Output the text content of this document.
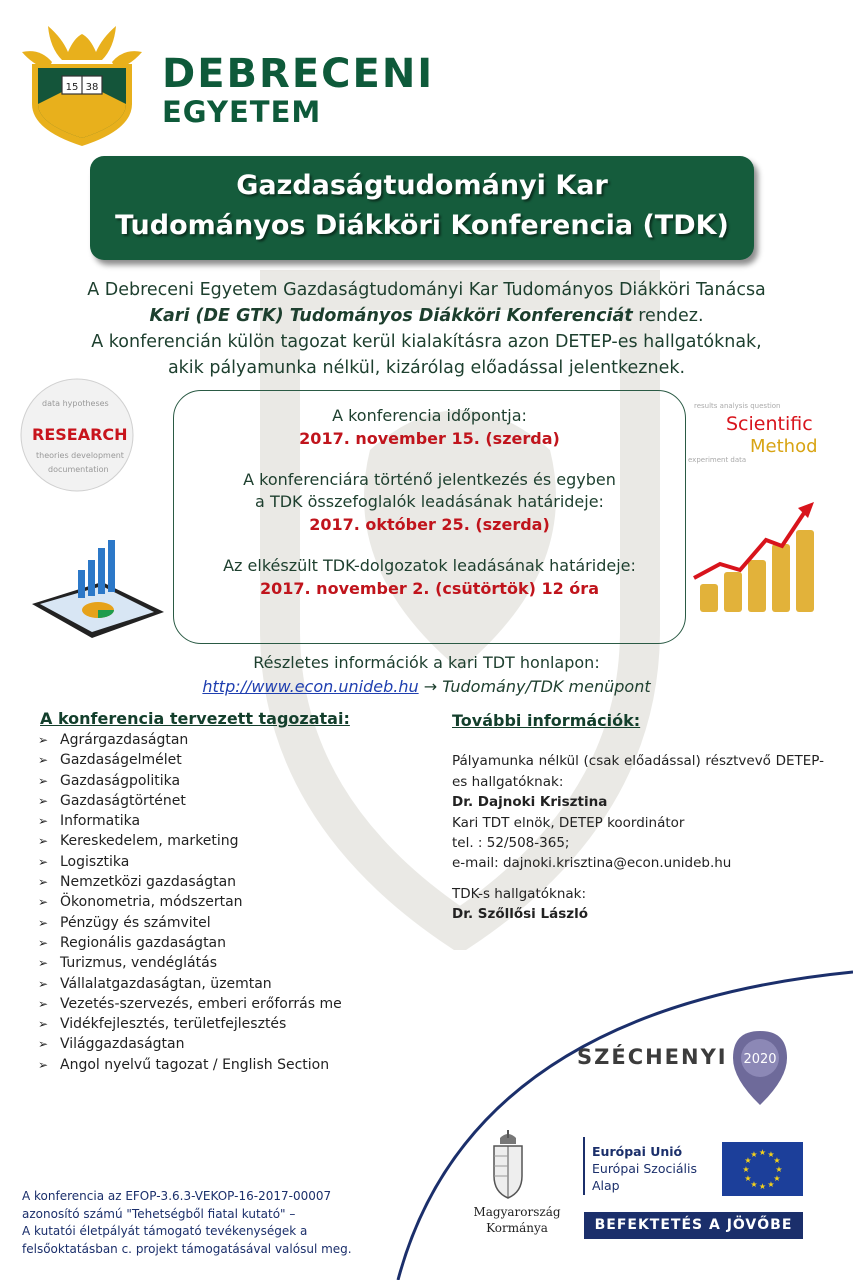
15 38 DEBRECENI
EGYETEM
Gazdaságtudományi Kar
Tudományos Diákköri Konferencia (TDK)
A Debreceni Egyetem Gazdaságtudományi Kar Tudományos Diákköri Tanácsa
Kari (DE GTK) Tudományos Diákköri Konferenciát rendez.
A konferencián külön tagozat kerül kialakításra azon DETEP-es hallgatóknak,
akik pályamunka nélkül, kizárólag előadással jelentkeznek.
data hypotheses
theories development
documentation
RESEARCH
results analysis question
Scientific
Method
experiment data
A konferencia időpontja:
2017. november 15. (szerda)
A konferenciára történő jelentkezés és egyben
a TDK összefoglalók leadásának határideje:
2017. október 25. (szerda)
Az elkészült TDK-dolgozatok leadásának határideje:
2017. november 2. (csütörtök) 12 óra
Részletes információk a kari TDT honlapon:
http://www.econ.unideb.hu → Tudomány/TDK menüpont
A konferencia tervezett tagozatai:
➢ Agrárgazdaságtan
➢ Gazdaságelmélet
➢ Gazdaságpolitika
➢ Gazdaságtörténet
➢ Informatika
➢ Kereskedelem, marketing
➢ Logisztika
➢ Nemzetközi gazdaságtan
➢ Ökonometria, módszertan
➢ Pénzügy és számvitel
➢ Regionális gazdaságtan
➢ Turizmus, vendéglátás
➢ Vállalatgazdaságtan, üzemtan
➢ Vezetés-szervezés, emberi erőforrás me
➢ Vidékfejlesztés, területfejlesztés
➢ Világgazdaságtan
➢ Angol nyelvű tagozat / English Section
További információk:
Pályamunka nélkül (csak előadással) résztvevő DETEP-es hallgatóknak:
Dr. Dajnoki Krisztina
Kari TDT elnök, DETEP koordinátor
tel. : 52/508-365;
e-mail: dajnoki.krisztina@econ.unideb.hu
TDK-s hallgatóknak:
Dr. Szőllősi László
SZÉCHENYI 2020
Magyarország
Kormánya
Európai Unió
Európai Szociális
Alap
★ ★
★
★
★
★
★
★
★
★
★
★
BEFEKTETÉS A JÖVŐBE
A konferencia az EFOP-3.6.3-VEKOP-16-2017-00007
azonosító számú "Tehetségből fiatal kutató" –
A kutatói életpályát támogató tevékenységek a
felsőoktatásban c. projekt támogatásával valósul meg.
